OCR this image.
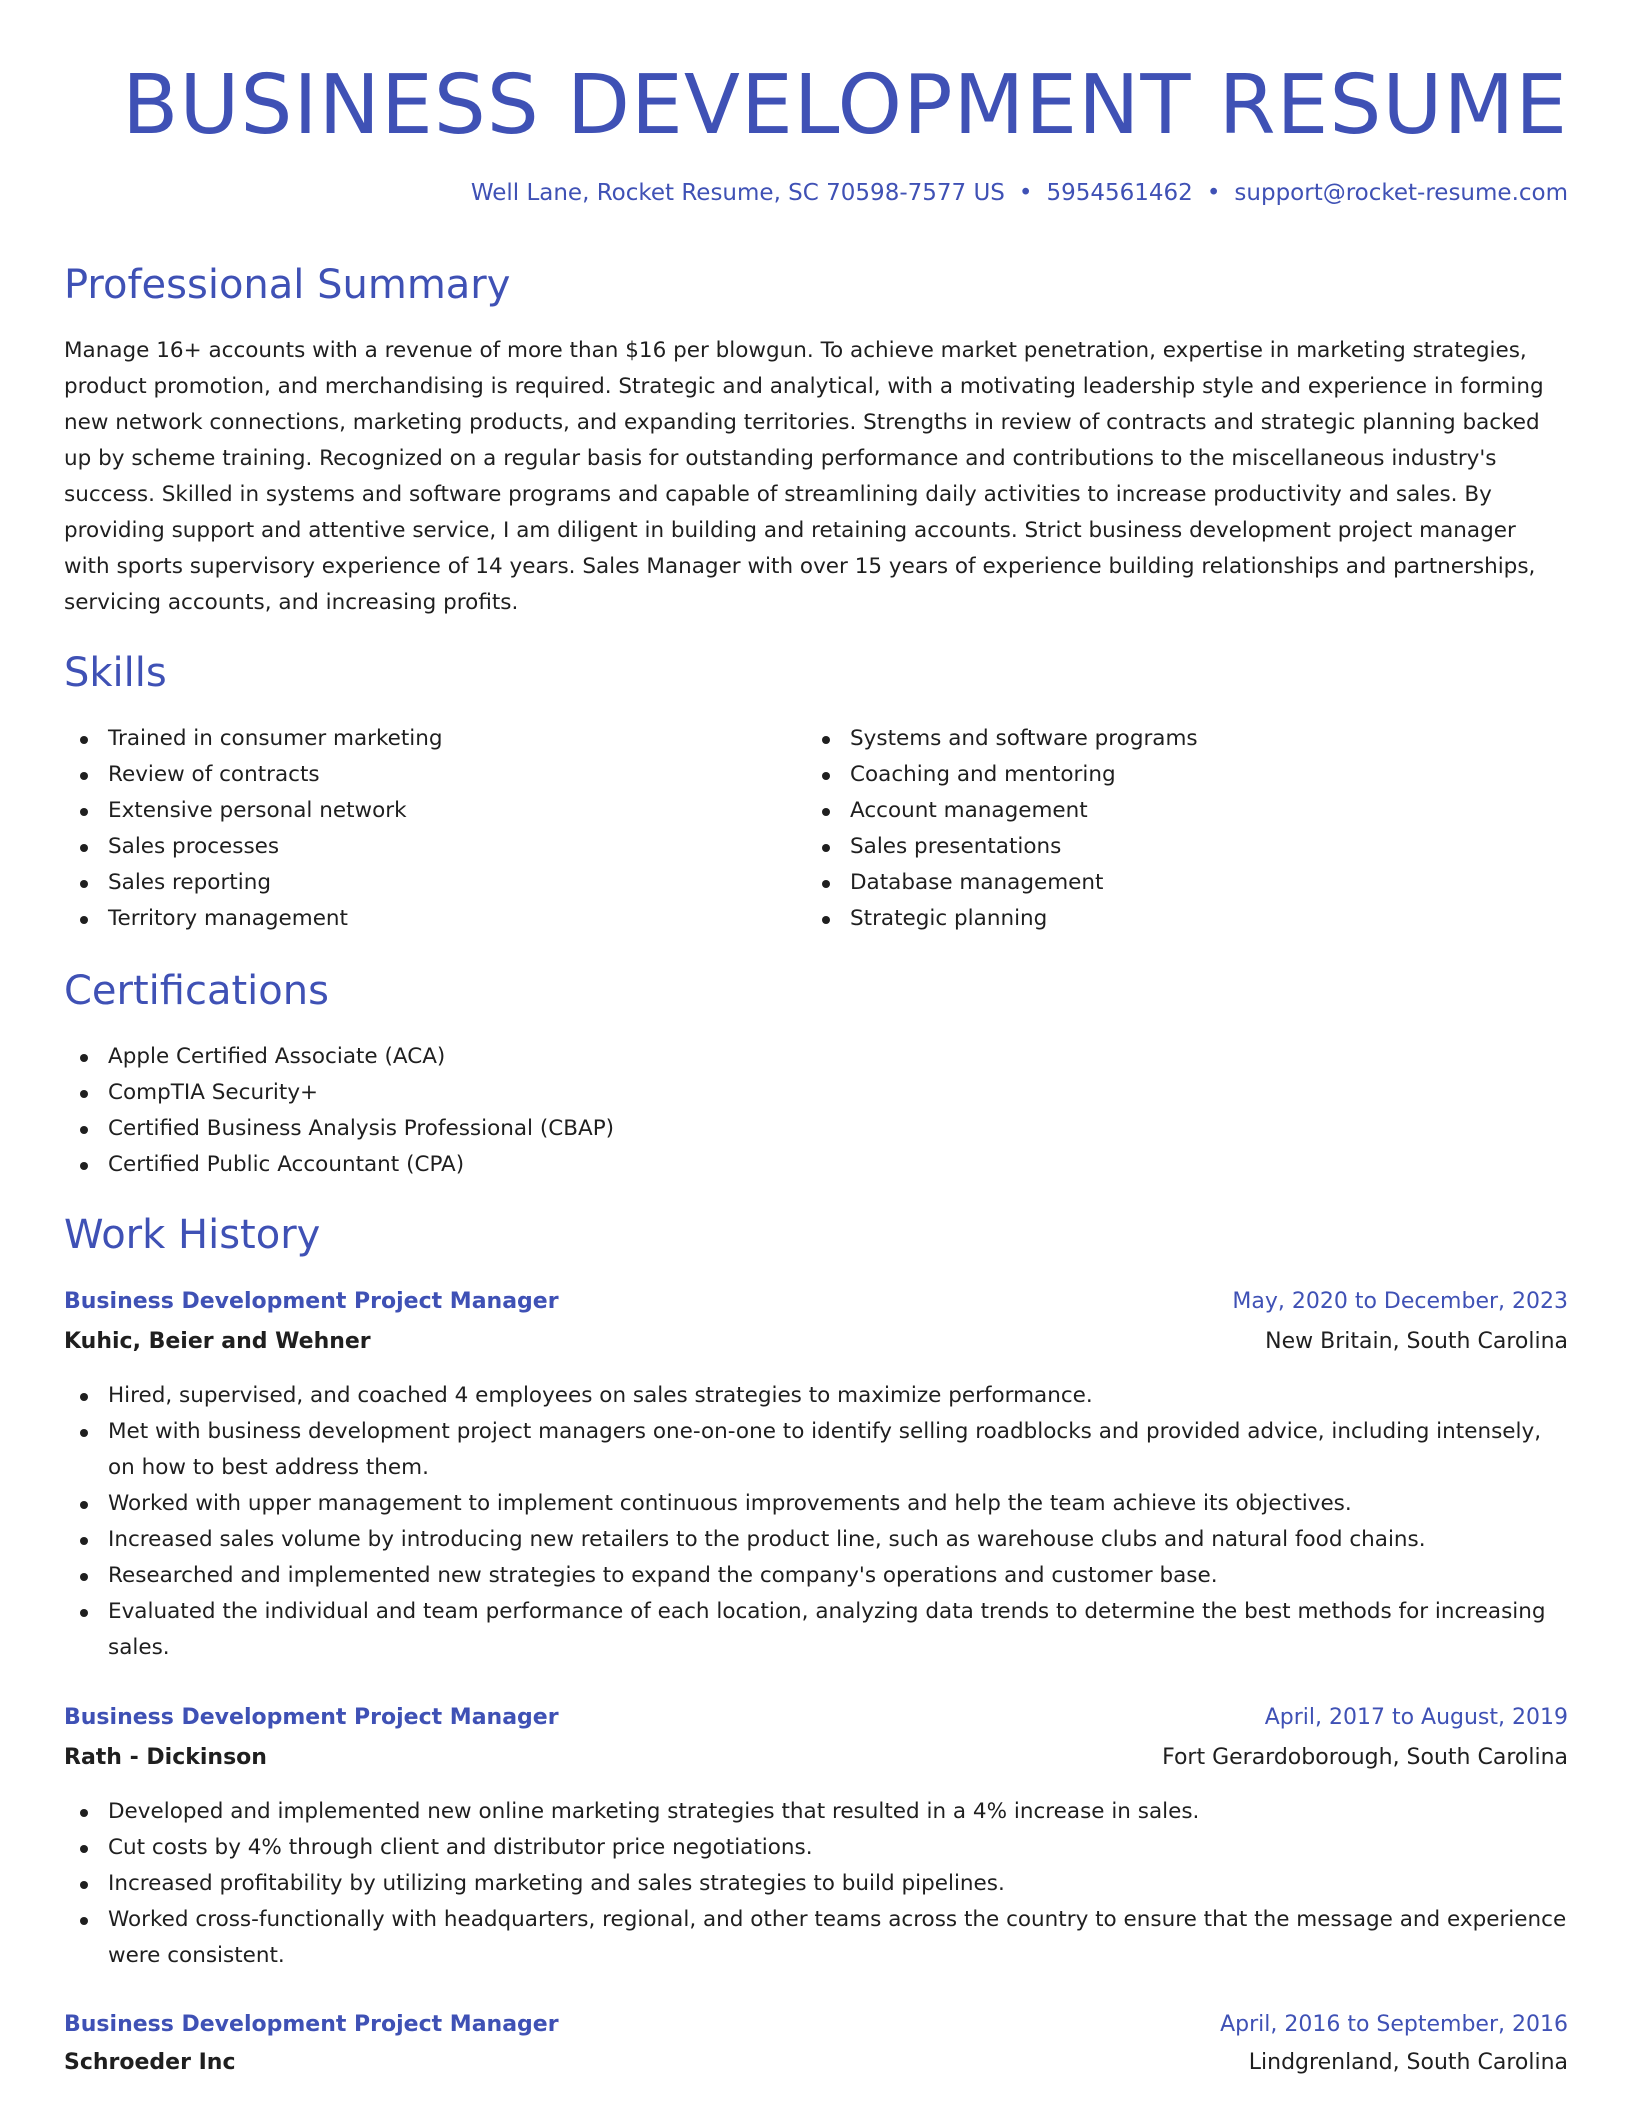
BUSINESS DEVELOPMENT RESUME
Well Lane, Rocket Resume, SC 70598-7577 US • 5954561462 • support@rocket-resume.com
Professional Summary
Manage 16+ accounts with a revenue of more than $16 per blowgun. To achieve market penetration, expertise in marketing strategies, product promotion, and merchandising is required. Strategic and analytical, with a motivating leadership style and experience in forming new network connections, marketing products, and expanding territories. Strengths in review of contracts and strategic planning backed up by scheme training. Recognized on a regular basis for outstanding performance and contributions to the miscellaneous industry's success. Skilled in systems and software programs and capable of streamlining daily activities to increase productivity and sales. By providing support and attentive service, I am diligent in building and retaining accounts. Strict business development project manager with sports supervisory experience of 14 years. Sales Manager with over 15 years of experience building relationships and partnerships, servicing accounts, and increasing profits.
Skills
Trained in consumer marketing
Review of contracts
Extensive personal network
Sales processes
Sales reporting
Territory management
Systems and software programs
Coaching and mentoring
Account management
Sales presentations
Database management
Strategic planning
Certifications
Apple Certified Associate (ACA)
CompTIA Security+
Certified Business Analysis Professional (CBAP)
Certified Public Accountant (CPA)
Work History
Business Development Project Manager	May, 2020 to December, 2023
Kuhic, Beier and Wehner	New Britain, South Carolina
Hired, supervised, and coached 4 employees on sales strategies to maximize performance.
Met with business development project managers one-on-one to identify selling roadblocks and provided advice, including intensely, on how to best address them.
Worked with upper management to implement continuous improvements and help the team achieve its objectives.
Increased sales volume by introducing new retailers to the product line, such as warehouse clubs and natural food chains.
Researched and implemented new strategies to expand the company's operations and customer base.
Evaluated the individual and team performance of each location, analyzing data trends to determine the best methods for increasing sales.
Business Development Project Manager	April, 2017 to August, 2019
Rath - Dickinson	Fort Gerardoborough, South Carolina
Developed and implemented new online marketing strategies that resulted in a 4% increase in sales.
Cut costs by 4% through client and distributor price negotiations.
Increased profitability by utilizing marketing and sales strategies to build pipelines.
Worked cross-functionally with headquarters, regional, and other teams across the country to ensure that the message and experience were consistent.
Business Development Project Manager	April, 2016 to September, 2016
Schroeder Inc	Lindgrenland, South Carolina
